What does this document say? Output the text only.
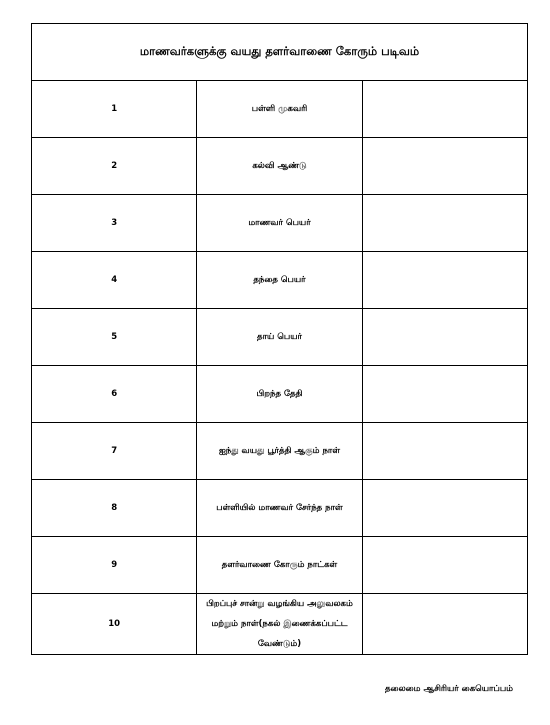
மாணவர்களுக்கு வயது தளர்வாணை கோரும் படிவம்		
1	பள்ளி முகவரி	
2	கல்வி ஆண்டு	
3	மாணவர் பெயர்	
4	தந்தை பெயர்	
5	தாய் பெயர்	
6	பிறந்த தேதி	
7	ஐந்து வயது பூர்த்தி ஆகும் நாள்	
8	பள்ளியில் மாணவர் சேர்ந்த நாள்	
9	தளர்வாணை கோரும் நாட்கள்	
10	பிறப்புச் சான்று வழங்கிய அலுவலகம் மற்றும் நாள்(நகல் இணைக்கப்பட்ட வேண்டும்)	
தலைமை ஆசிரியர் கையொப்பம்
